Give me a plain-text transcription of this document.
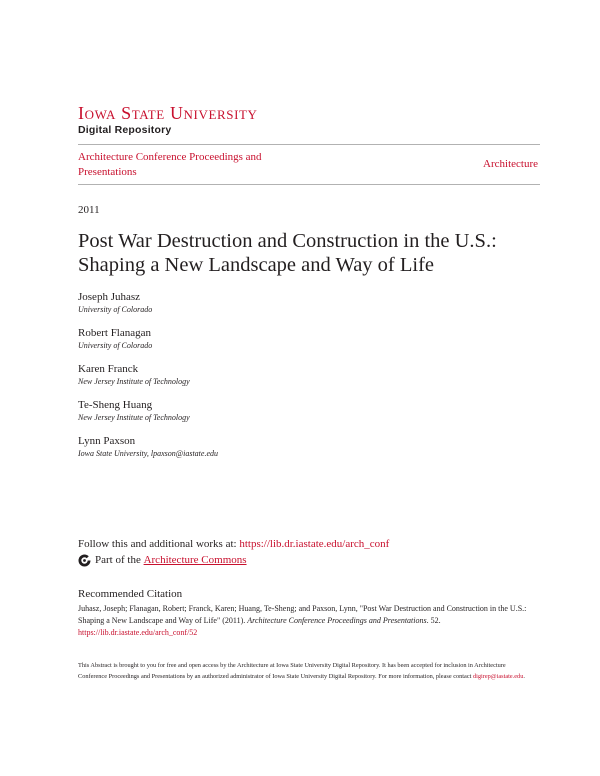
Iowa State University
Digital Repository
Architecture Conference Proceedings and Presentations
Architecture
2011
Post War Destruction and Construction in the U.S.: Shaping a New Landscape and Way of Life
Joseph Juhasz
University of Colorado
Robert Flanagan
University of Colorado
Karen Franck
New Jersey Institute of Technology
Te-Sheng Huang
New Jersey Institute of Technology
Lynn Paxson
Iowa State University, lpaxson@iastate.edu
Follow this and additional works at: https://lib.dr.iastate.edu/arch_conf
Part of the
Architecture Commons
Recommended Citation
Juhasz, Joseph; Flanagan, Robert; Franck, Karen; Huang, Te-Sheng; and Paxson, Lynn, "Post War Destruction and Construction in the U.S.: Shaping a New Landscape and Way of Life" (2011). Architecture Conference Proceedings and Presentations. 52.
https://lib.dr.iastate.edu/arch_conf/52
This Abstract is brought to you for free and open access by the Architecture at Iowa State University Digital Repository. It has been accepted for inclusion in Architecture Conference Proceedings and Presentations by an authorized administrator of Iowa State University Digital Repository. For more information, please contact digirep@iastate.edu.
